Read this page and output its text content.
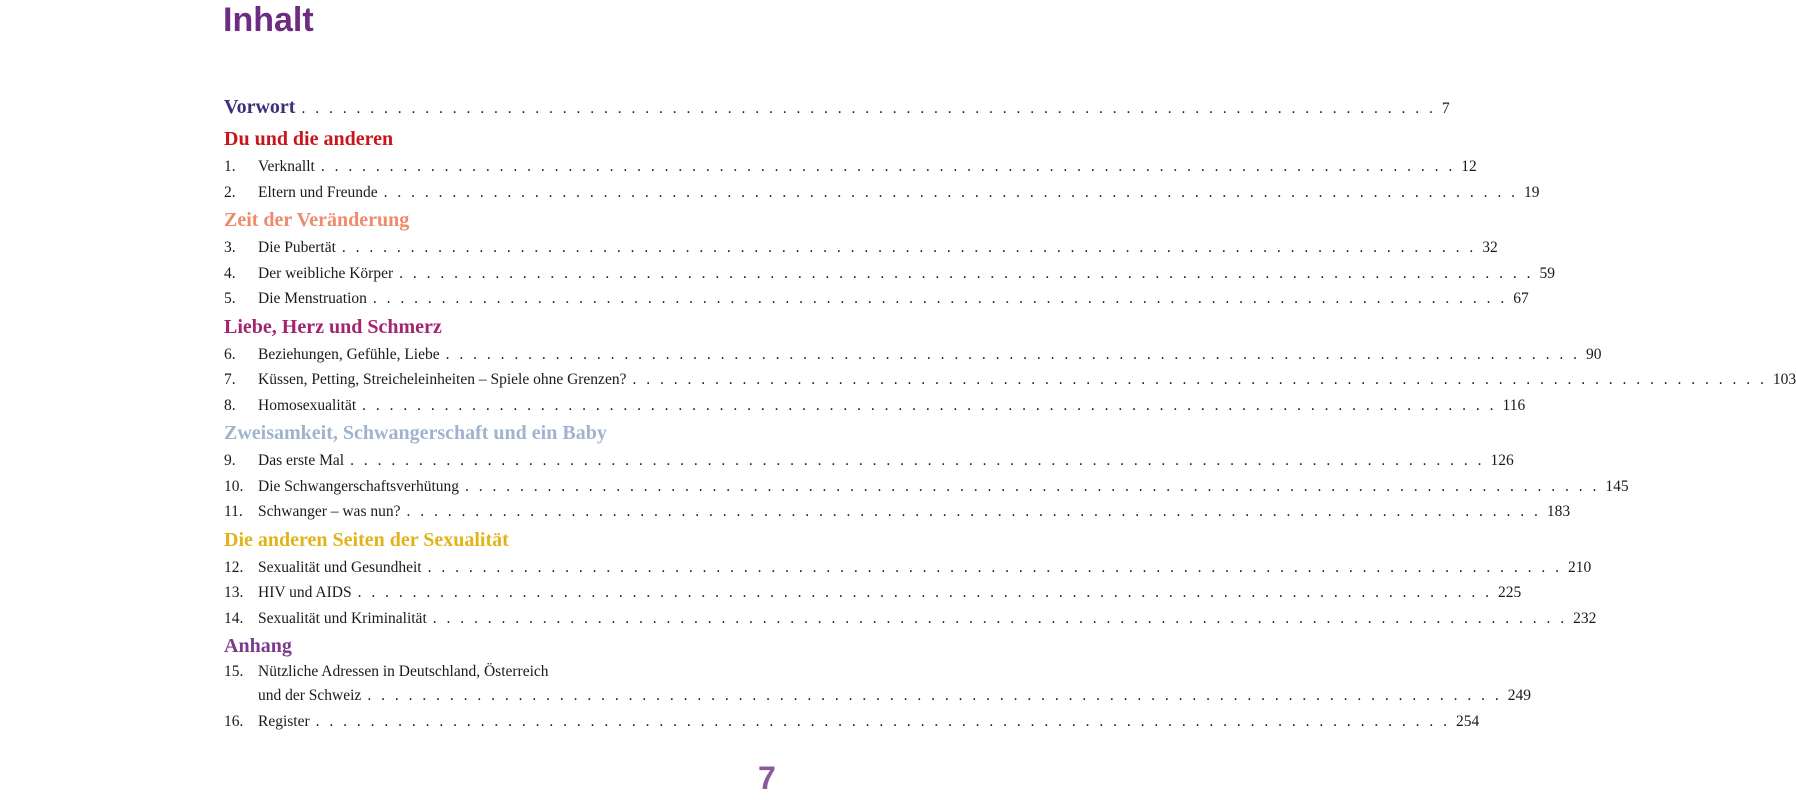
Inhalt
Vorwort . . . . . . . . . . . . . . . . . . . . . . . . . . . . . . . . . . . . . . . . . . . . . . . . . . . . . . . . . . . . . . . . . . . . . . . . . . . . . . . . . . . 7
Du und die anderen
1.	Verknallt . . . . . . . . . . . . . . . . . . . . . . . . . . . . . . . . . . . . . . . . . . . . . . . . . . . . . . . . . . . . . . . . . . . . . . . . . . . . . . . . . . . 12
2.	Eltern und Freunde . . . . . . . . . . . . . . . . . . . . . . . . . . . . . . . . . . . . . . . . . . . . . . . . . . . . . . . . . . . . . . . . . . . . . . . . . . . . . . . . . . . 19
Zeit der Veränderung
3.	Die Pubertät . . . . . . . . . . . . . . . . . . . . . . . . . . . . . . . . . . . . . . . . . . . . . . . . . . . . . . . . . . . . . . . . . . . . . . . . . . . . . . . . . . . 32
4.	Der weibliche Körper . . . . . . . . . . . . . . . . . . . . . . . . . . . . . . . . . . . . . . . . . . . . . . . . . . . . . . . . . . . . . . . . . . . . . . . . . . . . . . . . . . . 59
5.	Die Menstruation . . . . . . . . . . . . . . . . . . . . . . . . . . . . . . . . . . . . . . . . . . . . . . . . . . . . . . . . . . . . . . . . . . . . . . . . . . . . . . . . . . . 67
Liebe, Herz und Schmerz
6.	Beziehungen, Gefühle, Liebe . . . . . . . . . . . . . . . . . . . . . . . . . . . . . . . . . . . . . . . . . . . . . . . . . . . . . . . . . . . . . . . . . . . . . . . . . . . . . . . . . . . 90
7.	Küssen, Petting, Streicheleinheiten – Spiele ohne Grenzen? . . . . . . . . . . . . . . . . . . . . . . . . . . . . . . . . . . . . . . . . . . . . . . . . . . . . . . . . . . . . . . . . . . . . . . . . . . . . . . . . . . . 103
8.	Homosexualität . . . . . . . . . . . . . . . . . . . . . . . . . . . . . . . . . . . . . . . . . . . . . . . . . . . . . . . . . . . . . . . . . . . . . . . . . . . . . . . . . . . 116
Zweisamkeit, Schwangerschaft und ein Baby
9.	Das erste Mal . . . . . . . . . . . . . . . . . . . . . . . . . . . . . . . . . . . . . . . . . . . . . . . . . . . . . . . . . . . . . . . . . . . . . . . . . . . . . . . . . . . 126
10. Die Schwangerschaftsverhütung . . . . . . . . . . . . . . . . . . . . . . . . . . . . . . . . . . . . . . . . . . . . . . . . . . . . . . . . . . . . . . . . . . . . . . . . . . . . . . . . . . . 145
11. Schwanger – was nun? . . . . . . . . . . . . . . . . . . . . . . . . . . . . . . . . . . . . . . . . . . . . . . . . . . . . . . . . . . . . . . . . . . . . . . . . . . . . . . . . . . . 183
Die anderen Seiten der Sexualität
12. Sexualität und Gesundheit . . . . . . . . . . . . . . . . . . . . . . . . . . . . . . . . . . . . . . . . . . . . . . . . . . . . . . . . . . . . . . . . . . . . . . . . . . . . . . . . . . . 210
13. HIV und AIDS . . . . . . . . . . . . . . . . . . . . . . . . . . . . . . . . . . . . . . . . . . . . . . . . . . . . . . . . . . . . . . . . . . . . . . . . . . . . . . . . . . . 225
14. Sexualität und Kriminalität . . . . . . . . . . . . . . . . . . . . . . . . . . . . . . . . . . . . . . . . . . . . . . . . . . . . . . . . . . . . . . . . . . . . . . . . . . . . . . . . . . . 232
Anhang
15. Nützliche Adressen in Deutschland, Österreich
und der Schweiz . . . . . . . . . . . . . . . . . . . . . . . . . . . . . . . . . . . . . . . . . . . . . . . . . . . . . . . . . . . . . . . . . . . . . . . . . . . . . . . . . . . 249
16. Register . . . . . . . . . . . . . . . . . . . . . . . . . . . . . . . . . . . . . . . . . . . . . . . . . . . . . . . . . . . . . . . . . . . . . . . . . . . . . . . . . . . 254
7
